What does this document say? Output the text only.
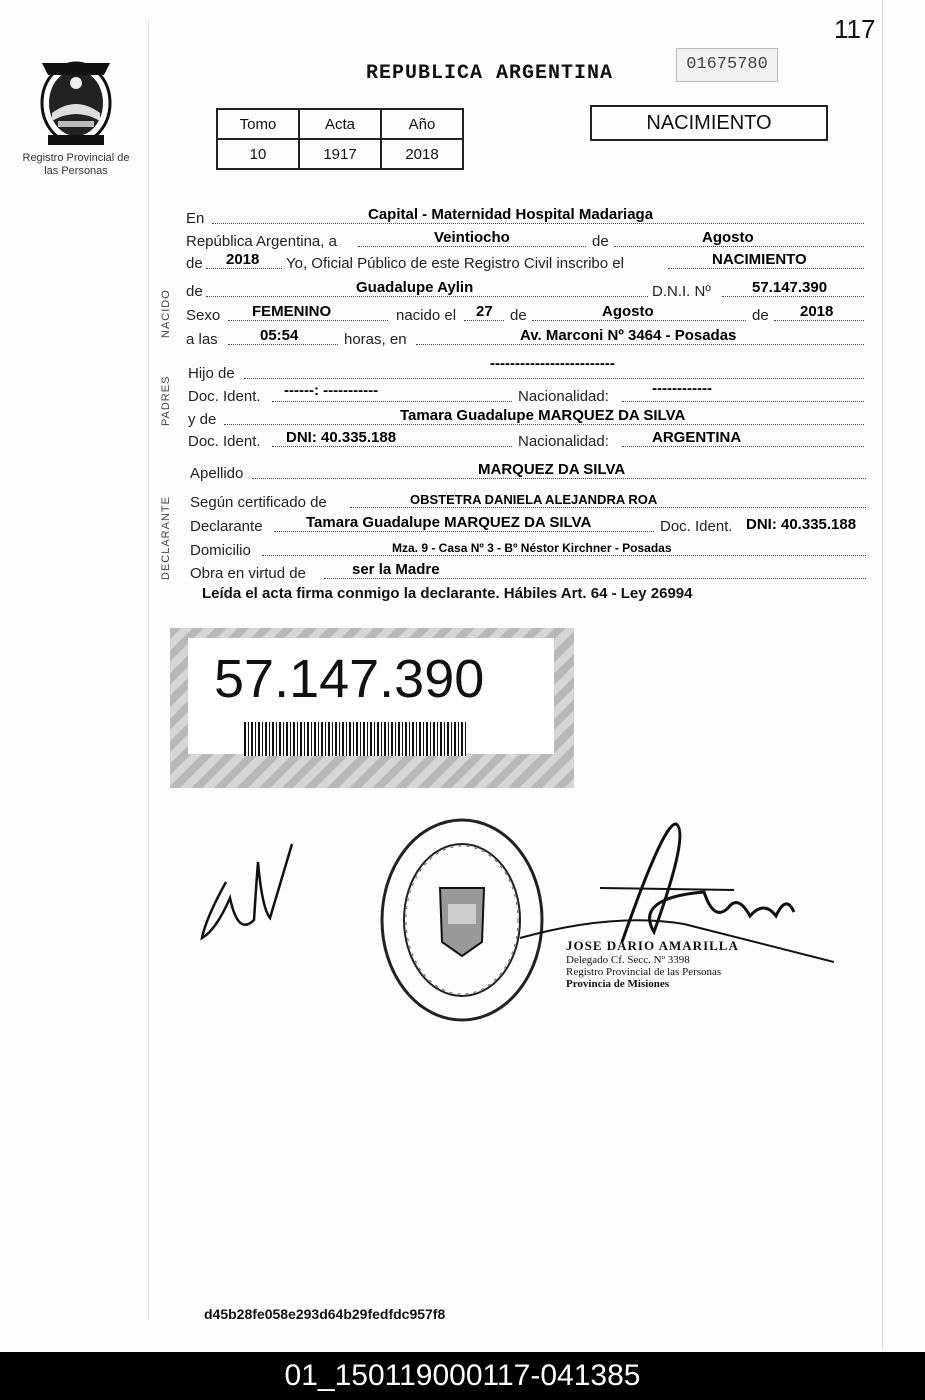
117
Registro Provincial de las Personas
REPUBLICA ARGENTINA	01675780
Tomo	Acta	Año
10	1917	2018
NACIMIENTO
NACIDO
PADRES
DECLARANTE
En	Capital - Maternidad Hospital Madariaga
República Argentina, a	Veintiocho	de	Agosto
de 2018 Yo, Oficial Público de este Registro Civil inscribo el	NACIMIENTO
de	Guadalupe Aylin	D.N.I. Nº	57.147.390
Sexo FEMENINO	nacido el 27 de	Agosto	de 2018
a las	05:54	horas, en	Av. Marconi Nº 3464 - Posadas
Hijo de
-------------------------
Doc. Ident. ------: -----------	Nacionalidad:	------------
y de	Tamara Guadalupe MARQUEZ DA SILVA
Doc. Ident. DNI: 40.335.188	Nacionalidad:	ARGENTINA
Apellido	MARQUEZ DA SILVA
Según certificado de	OBSTETRA DANIELA ALEJANDRA ROA
Declarante	Tamara Guadalupe MARQUEZ DA SILVA	Doc. Ident. DNI: 40.335.188
Domicilio	Mza. 9 - Casa Nº 3 - Bº Néstor Kirchner - Posadas
Obra en virtud de	ser la Madre
Leída el acta firma conmigo la declarante. Hábiles Art. 64 - Ley 26994
57.147.390
JOSE DARIO AMARILLA
Delegado Cf. Secc. Nº 3398
Registro Provincial de las Personas
Provincia de Misiones
d45b28fe058e293d64b29fedfdc957f8
01_150119000117-041385
